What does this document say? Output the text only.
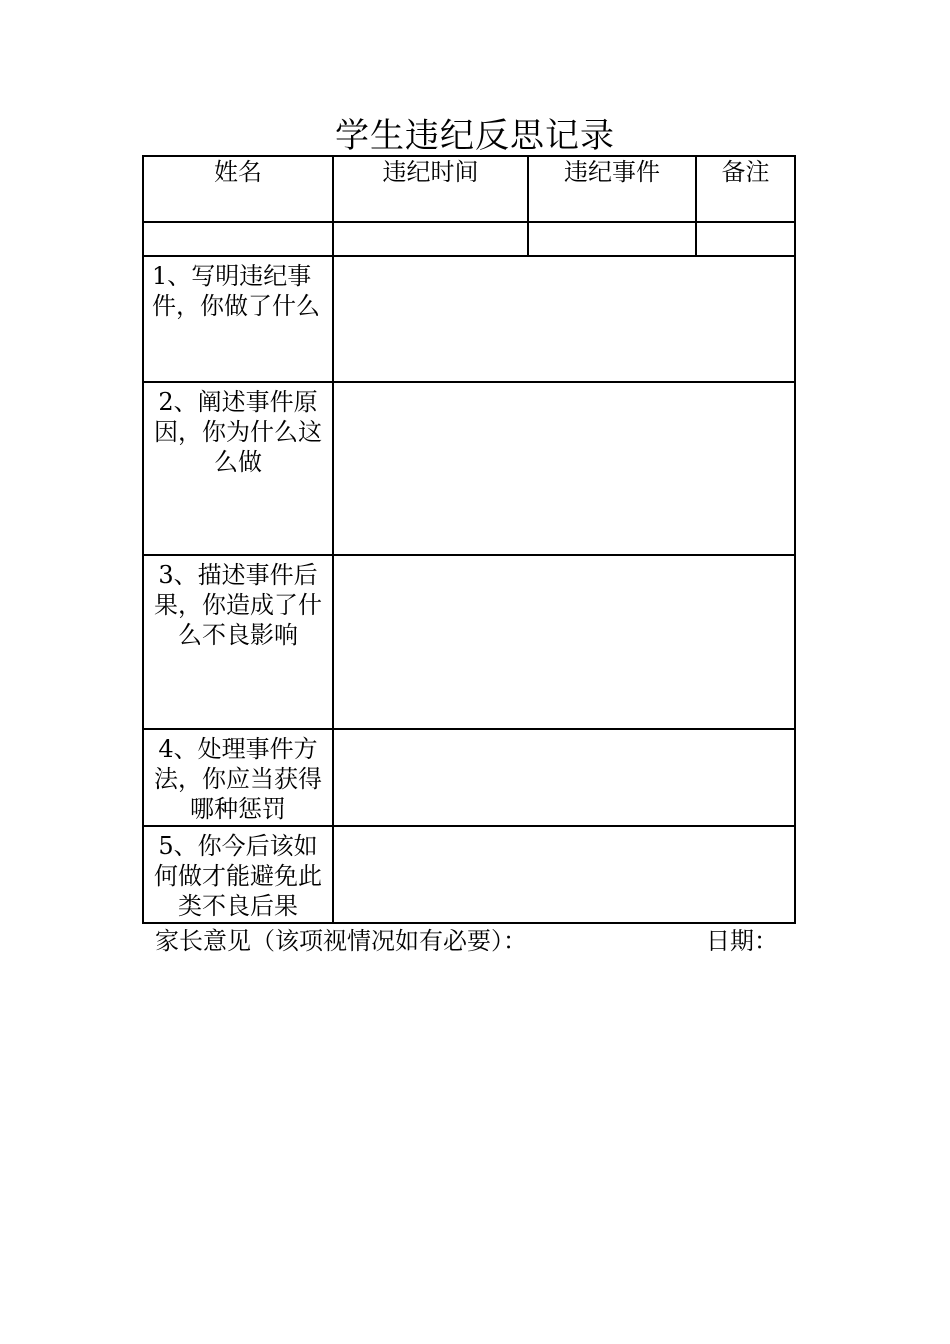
学生违纪反思记录
姓名	违纪时间	违纪事件	备注

1、写明违纪事件，你做了什么			
2、阐述事件原因，你为什么这么做			
3、描述事件后果，你造成了什么不良影响			
4、处理事件方法，你应当获得哪种惩罚			
5、你今后该如何做才能避免此类不良后果			
家长意见（该项视情况如有必要）：	日期：
